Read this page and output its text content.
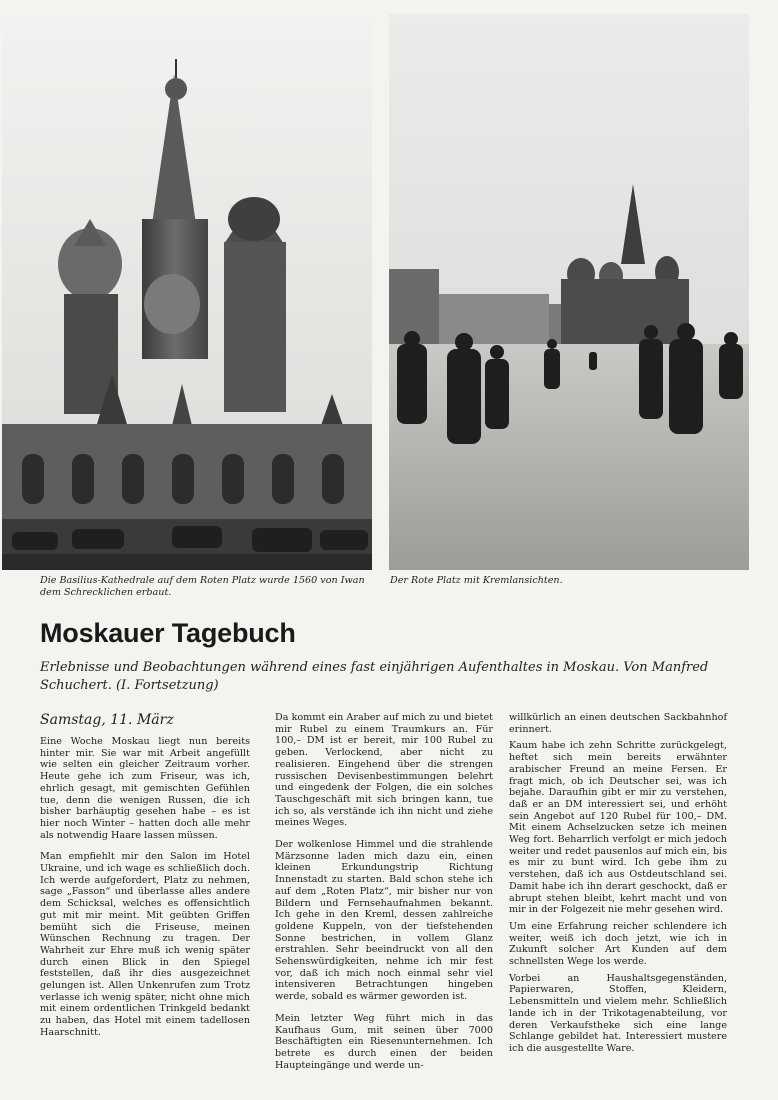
Die Basilius-Kathedrale auf dem Roten Platz wurde 1560 von Iwan dem Schrecklichen erbaut.
Der Rote Platz mit Kremlansichten.
Moskauer Tagebuch
Erlebnisse und Beobachtungen während eines fast einjährigen Aufenthaltes in Moskau. Von Manfred Schuchert. (I. Fortsetzung)

Samstag, 11. März

Eine Woche Moskau liegt nun bereits hinter mir. Sie war mit Arbeit angefüllt wie selten ein gleicher Zeitraum vorher. Heute gehe ich zum Friseur, was ich, ehrlich gesagt, mit gemischten Gefühlen tue, denn die wenigen Russen, die ich bisher barhäuptig gesehen habe – es ist hier noch Winter – hatten doch alle mehr als notwendig Haare lassen müssen.

Man empfiehlt mir den Salon im Hotel Ukraine, und ich wage es schließlich doch. Ich werde aufgefordert, Platz zu nehmen, sage „Fasson“ und überlasse alles andere dem Schicksal, welches es offensichtlich gut mit mir meint. Mit geübten Griffen bemüht sich die Friseuse, meinen Wünschen Rechnung zu tragen. Der Wahrheit zur Ehre muß ich wenig später durch einen Blick in den Spiegel feststellen, daß ihr dies ausgezeichnet gelungen ist. Allen Unkenrufen zum Trotz verlasse ich wenig später, nicht ohne mich mit einem ordentlichen Trinkgeld bedankt zu haben, das Hotel mit einem tadellosen Haarschnitt.

Da kommt ein Araber auf mich zu und bietet mir Rubel zu einem Traumkurs an. Für 100,– DM ist er bereit, mir 100 Rubel zu geben. Verlockend, aber nicht zu realisieren. Eingehend über die strengen russischen Devisenbestimmungen belehrt und eingedenk der Folgen, die ein solches Tauschgeschäft mit sich bringen kann, tue ich so, als verstände ich ihn nicht und ziehe meines Weges.

Der wolkenlose Himmel und die strahlende Märzsonne laden mich dazu ein, einen kleinen Erkundungstrip Richtung Innenstadt zu starten. Bald schon stehe ich auf dem „Roten Platz“, mir bisher nur von Bildern und Fernsehaufnahmen bekannt. Ich gehe in den Kreml, dessen zahlreiche goldene Kuppeln, von der tiefstehenden Sonne bestrichen, in vollem Glanz erstrahlen. Sehr beeindruckt von all den Sehenswürdigkeiten, nehme ich mir fest vor, daß ich mich noch einmal sehr viel intensiveren Betrachtungen hingeben werde, sobald es wärmer geworden ist.

Mein letzter Weg führt mich in das Kaufhaus Gum, mit seinen über 7000 Beschäftigten ein Riesenunternehmen. Ich betrete es durch einen der beiden Haupteingänge und werde un-

willkürlich an einen deutschen Sackbahnhof erinnert.

Kaum habe ich zehn Schritte zurückgelegt, heftet sich mein bereits erwähnter arabischer Freund an meine Fersen. Er fragt mich, ob ich Deutscher sei, was ich bejahe. Daraufhin gibt er mir zu verstehen, daß er an DM interessiert sei, und erhöht sein Angebot auf 120 Rubel für 100,– DM. Mit einem Achselzucken setze ich meinen Weg fort. Beharrlich verfolgt er mich jedoch weiter und redet pausenlos auf mich ein, bis es mir zu bunt wird. Ich gebe ihm zu verstehen, daß ich aus Ostdeutschland sei. Damit habe ich ihn derart geschockt, daß er abrupt stehen bleibt, kehrt macht und von mir in der Folgezeit nie mehr gesehen wird.

Um eine Erfahrung reicher schlendere ich weiter, weiß ich doch jetzt, wie ich in Zukunft solcher Art Kunden auf dem schnellsten Wege los werde.

Vorbei an Haushaltsgegenständen, Papierwaren, Stoffen, Kleidern, Lebensmitteln und vielem mehr. Schließlich lande ich in der Trikotagenabteilung, vor deren Verkaufstheke sich eine lange Schlange gebildet hat. Interessiert mustere ich die ausgestellte Ware.
